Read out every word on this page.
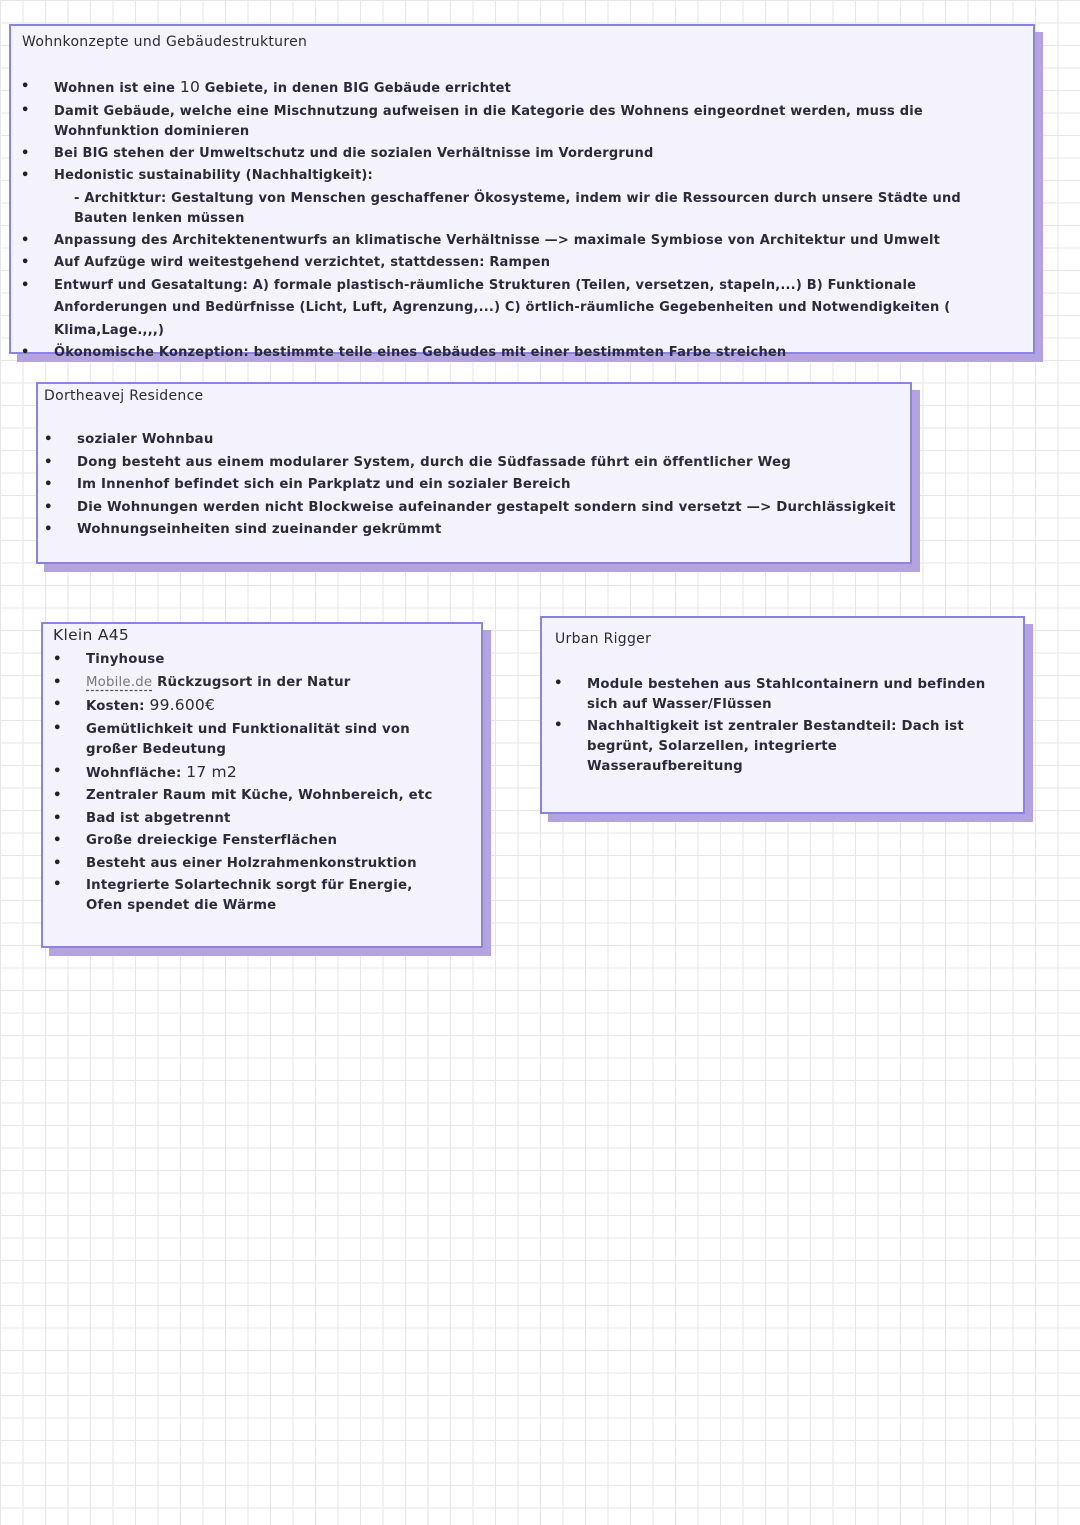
Wohnkonzepte und Gebäudestrukturen
• Wohnen ist eine 10 Gebiete, in denen BIG Gebäude errichtet
• Damit Gebäude, welche eine Mischnutzung aufweisen in die Kategorie des Wohnens eingeordnet werden, muss die Wohnfunktion dominieren
• Bei BIG stehen der Umweltschutz und die sozialen Verhältnisse im Vordergrund
• Hedonistic sustainability (Nachhaltigkeit):
- Architktur: Gestaltung von Menschen geschaffener Ökosysteme, indem wir die Ressourcen durch unsere Städte und Bauten lenken müssen
• Anpassung des Architektenentwurfs an klimatische Verhältnisse —> maximale Symbiose von Architektur und Umwelt
• Auf Aufzüge wird weitestgehend verzichtet, stattdessen: Rampen
• Entwurf und Gesataltung: A) formale plastisch-räumliche Strukturen (Teilen, versetzen, stapeln,...) B) Funktionale Anforderungen und Bedürfnisse (Licht, Luft, Agrenzung,...) C) örtlich-räumliche Gegebenheiten und Notwendigkeiten ( Klima,Lage.,,,)
• Ökonomische Konzeption: bestimmte teile eines Gebäudes mit einer bestimmten Farbe streichen
Dortheavej Residence
• sozialer Wohnbau
• Dong besteht aus einem modularer System, durch die Südfassade führt ein öffentlicher Weg
• Im Innenhof befindet sich ein Parkplatz und ein sozialer Bereich
• Die Wohnungen werden nicht Blockweise aufeinander gestapelt sondern sind versetzt —> Durchlässigkeit
• Wohnungseinheiten sind zueinander gekrümmt
Klein A45
• Tinyhouse
• Mobile.de Rückzugsort in der Natur
• Kosten: 99.600€
• Gemütlichkeit und Funktionalität sind von großer Bedeutung
• Wohnfläche: 17 m2
• Zentraler Raum mit Küche, Wohnbereich, etc
• Bad ist abgetrennt
• Große dreieckige Fensterflächen
• Besteht aus einer Holzrahmenkonstruktion
• Integrierte Solartechnik sorgt für Energie, Ofen spendet die Wärme
Urban Rigger
• Module bestehen aus Stahlcontainern und befinden sich auf Wasser/Flüssen
• Nachhaltigkeit ist zentraler Bestandteil: Dach ist begrünt, Solarzellen, integrierte Wasseraufbereitung
